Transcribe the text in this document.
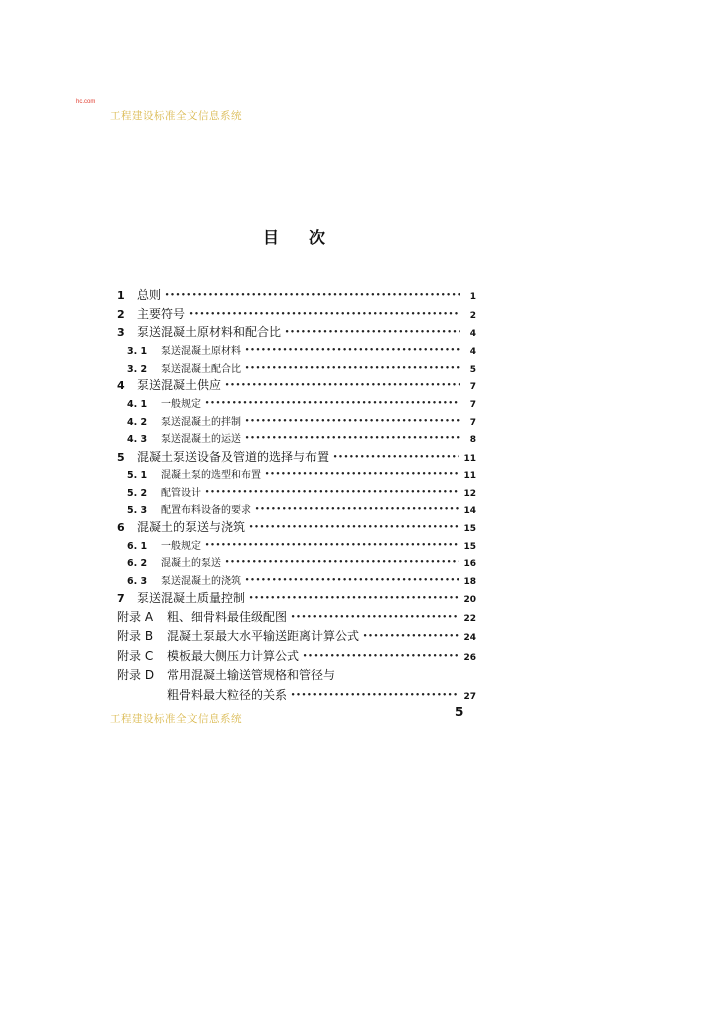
hc.com
工程建设标准全文信息系统
目 次
1	总则 •••••	1
2	主要符号 •••••	2
3	泵送混凝土原材料和配合比 •••••	4
3. 1	泵送混凝土原材料 •••••	4
3. 2	泵送混凝土配合比 •••••	5
4	泵送混凝土供应 •••••	7
4. 1	一般规定 •••••	7
4. 2	泵送混凝土的拌制 •••••	7
4. 3	泵送混凝土的运送 •••••	8
5	混凝土泵送设备及管道的选择与布置 •••••	11
5. 1	混凝土泵的选型和布置 •••••	11
5. 2	配管设计 •••••	12
5. 3	配置布料设备的要求 •••••	14
6	混凝土的泵送与浇筑 •••••	15
6. 1	一般规定 •••••	15
6. 2	混凝土的泵送 •••••	16
6. 3	泵送混凝土的浇筑 •••••	18
7	泵送混凝土质量控制 •••••	20
附录 A	粗、细骨料最佳级配图 •••••	22
附录 B	混凝土泵最大水平输送距离计算公式 •••••	24
附录 C	模板最大侧压力计算公式 •••••	26
附录 D	常用混凝土输送管规格和管径与
粗骨料最大粒径的关系 •••••	27
5
工程建设标准全文信息系统
